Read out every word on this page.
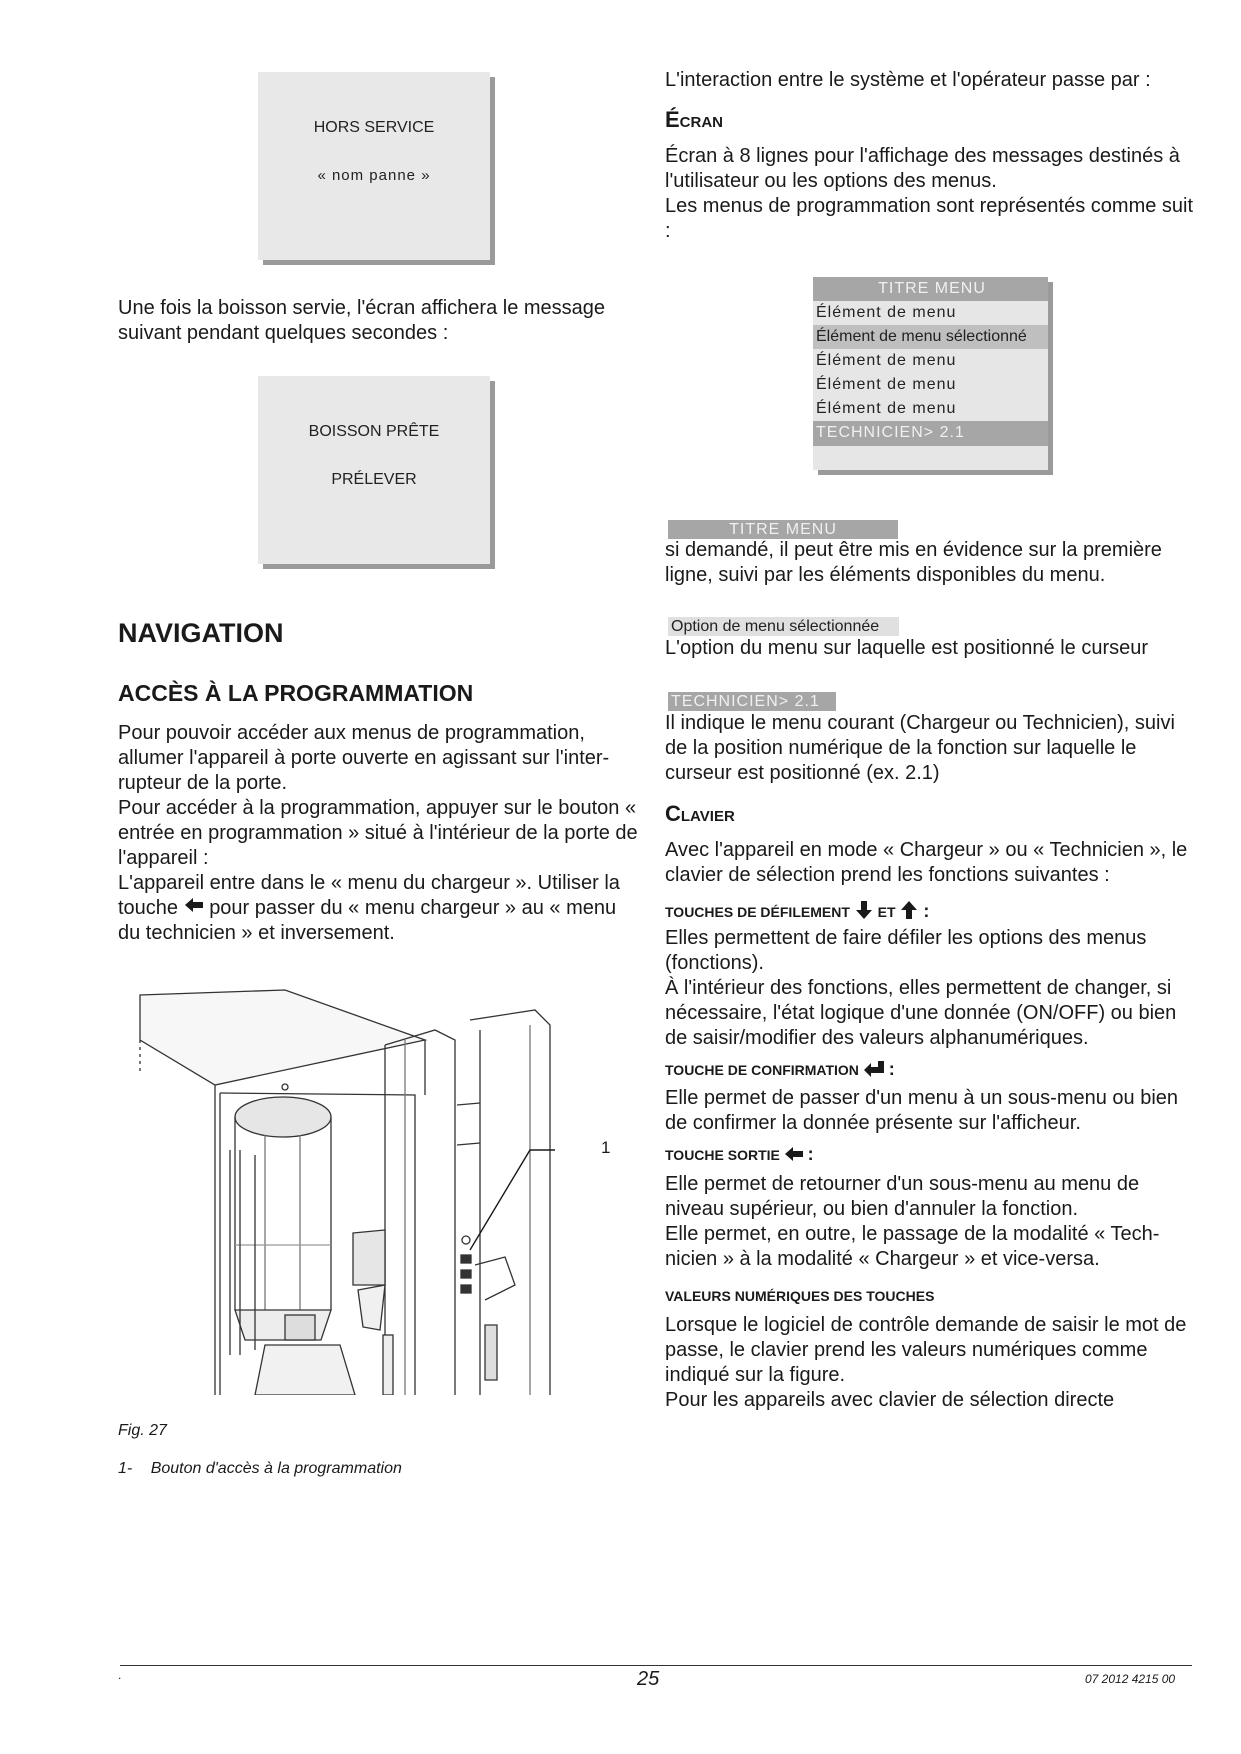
HORS SERVICE
« nom panne »

Une fois la boisson servie, l'écran affichera le message suivant pendant quelques secondes :

BOISSON PRÊTE
PRÉLEVER
NAVIGATION
ACCÈS À LA PROGRAMMATION

Pour pouvoir accéder aux menus de programmation, allumer l'appareil à porte ouverte en agissant sur l'inter-rupteur de la porte.

Pour accéder à la programmation, appuyer sur le bouton « entrée en programmation » situé à l'intérieur de la porte de l'appareil :

L'appareil entre dans le « menu du chargeur ». Utiliser la touche pour passer du « menu chargeur » au « menu du technicien » et inversement.

1
Fig. 27
1- Bouton d'accès à la programmation
L'interaction entre le système et l'opérateur passe par :
Écran

Écran à 8 lignes pour l'affichage des messages destinés à l'utilisateur ou les options des menus.

Les menus de programmation sont représentés comme suit :

TITRE MENU
Élément de menu
Élément de menu sélectionné
Élément de menu
Élément de menu
Élément de menu
TECHNICIEN> 2.1
TITRE MENU
si demandé, il peut être mis en évidence sur la première ligne, suivi par les éléments disponibles du menu.
Option de menu sélectionnée
L'option du menu sur laquelle est positionné le curseur
TECHNICIEN> 2.1
Il indique le menu courant (Chargeur ou Technicien), suivi de la position numérique de la fonction sur laquelle le curseur est positionné (ex. 2.1)
Clavier
Avec l'appareil en mode « Chargeur » ou « Technicien », le clavier de sélection prend les fonctions suivantes :
TOUCHES DE DÉFILEMENT ET :

Elles permettent de faire défiler les options des menus (fonctions).

À l'intérieur des fonctions, elles permettent de changer, si nécessaire, l'état logique d'une donnée (ON/OFF) ou bien de saisir/modifier des valeurs alphanumériques.

TOUCHE DE CONFIRMATION :
Elle permet de passer d'un menu à un sous-menu ou bien de confirmer la donnée présente sur l'afficheur.
TOUCHE SORTIE :

Elle permet de retourner d'un sous-menu au menu de niveau supérieur, ou bien d'annuler la fonction.

Elle permet, en outre, le passage de la modalité « Tech-nicien » à la modalité « Chargeur » et vice-versa.

VALEURS NUMÉRIQUES DES TOUCHES

Lorsque le logiciel de contrôle demande de saisir le mot de passe, le clavier prend les valeurs numériques comme indiqué sur la figure.

Pour les appareils avec clavier de sélection directe

.	25	07 2012 4215 00
